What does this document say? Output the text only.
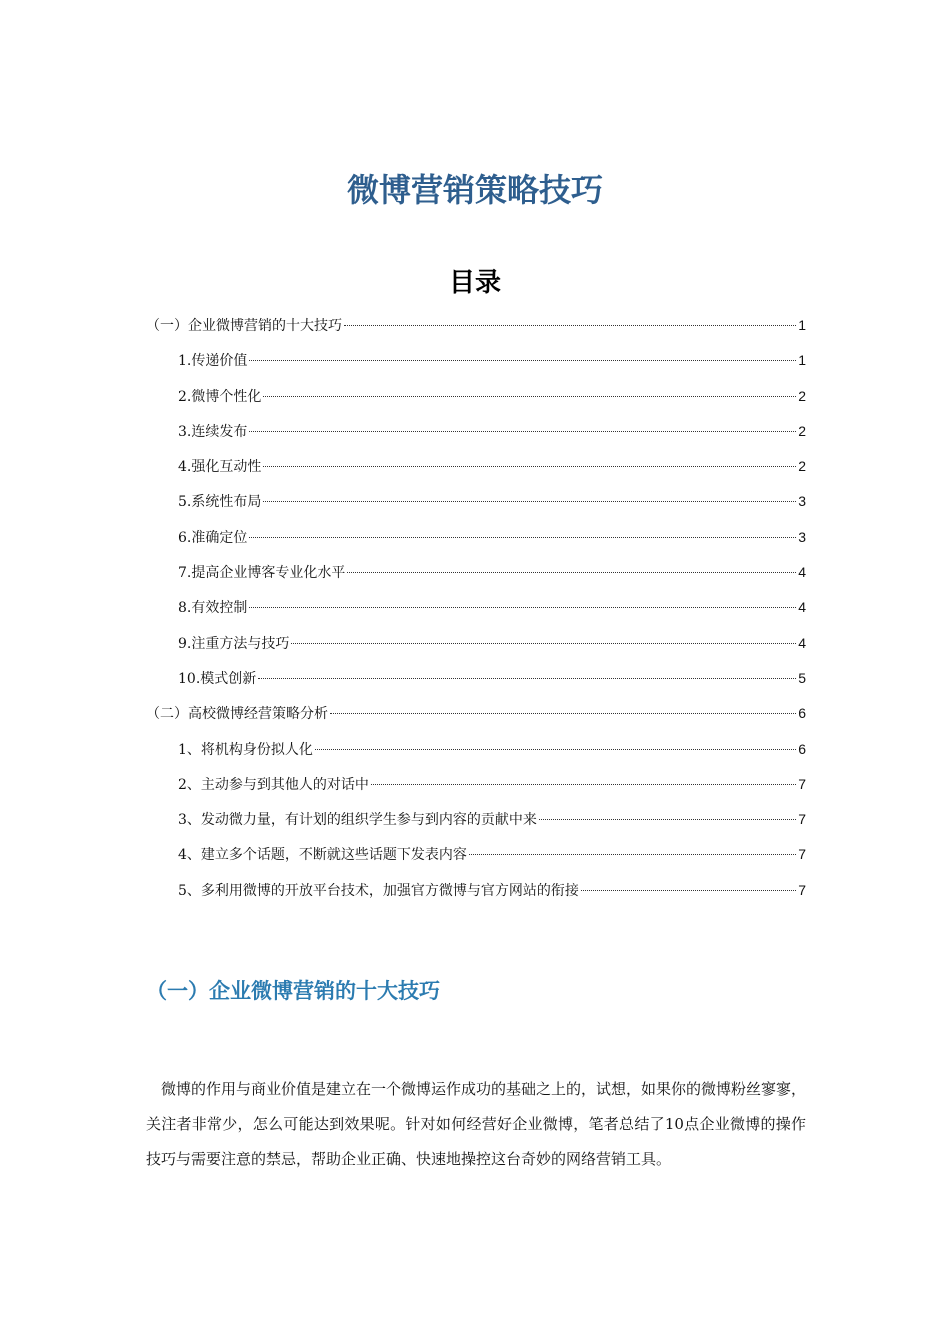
微博营销策略技巧
目录
（一）企业微博营销的十大技巧	1
1.传递价值	1
2.微博个性化	2
3.连续发布	2
4.强化互动性	2
5.系统性布局	3
6.准确定位	3
7.提高企业博客专业化水平	4
8.有效控制	4
9.注重方法与技巧	4
10.模式创新	5
（二）高校微博经营策略分析	6
1、将机构身份拟人化	6
2、主动参与到其他人的对话中	7
3、发动微力量，有计划的组织学生参与到内容的贡献中来	7
4、建立多个话题，不断就这些话题下发表内容	7
5、多利用微博的开放平台技术，加强官方微博与官方网站的衔接	7
（一）企业微博营销的十大技巧

微博的作用与商业价值是建立在一个微博运作成功的基础之上的，试想，如果你的微博粉丝寥寥，关注者非常少，怎么可能达到效果呢。针对如何经营好企业微博，笔者总结了10点企业微博的操作技巧与需要注意的禁忌，帮助企业正确、快速地操控这台奇妙的网络营销工具。
